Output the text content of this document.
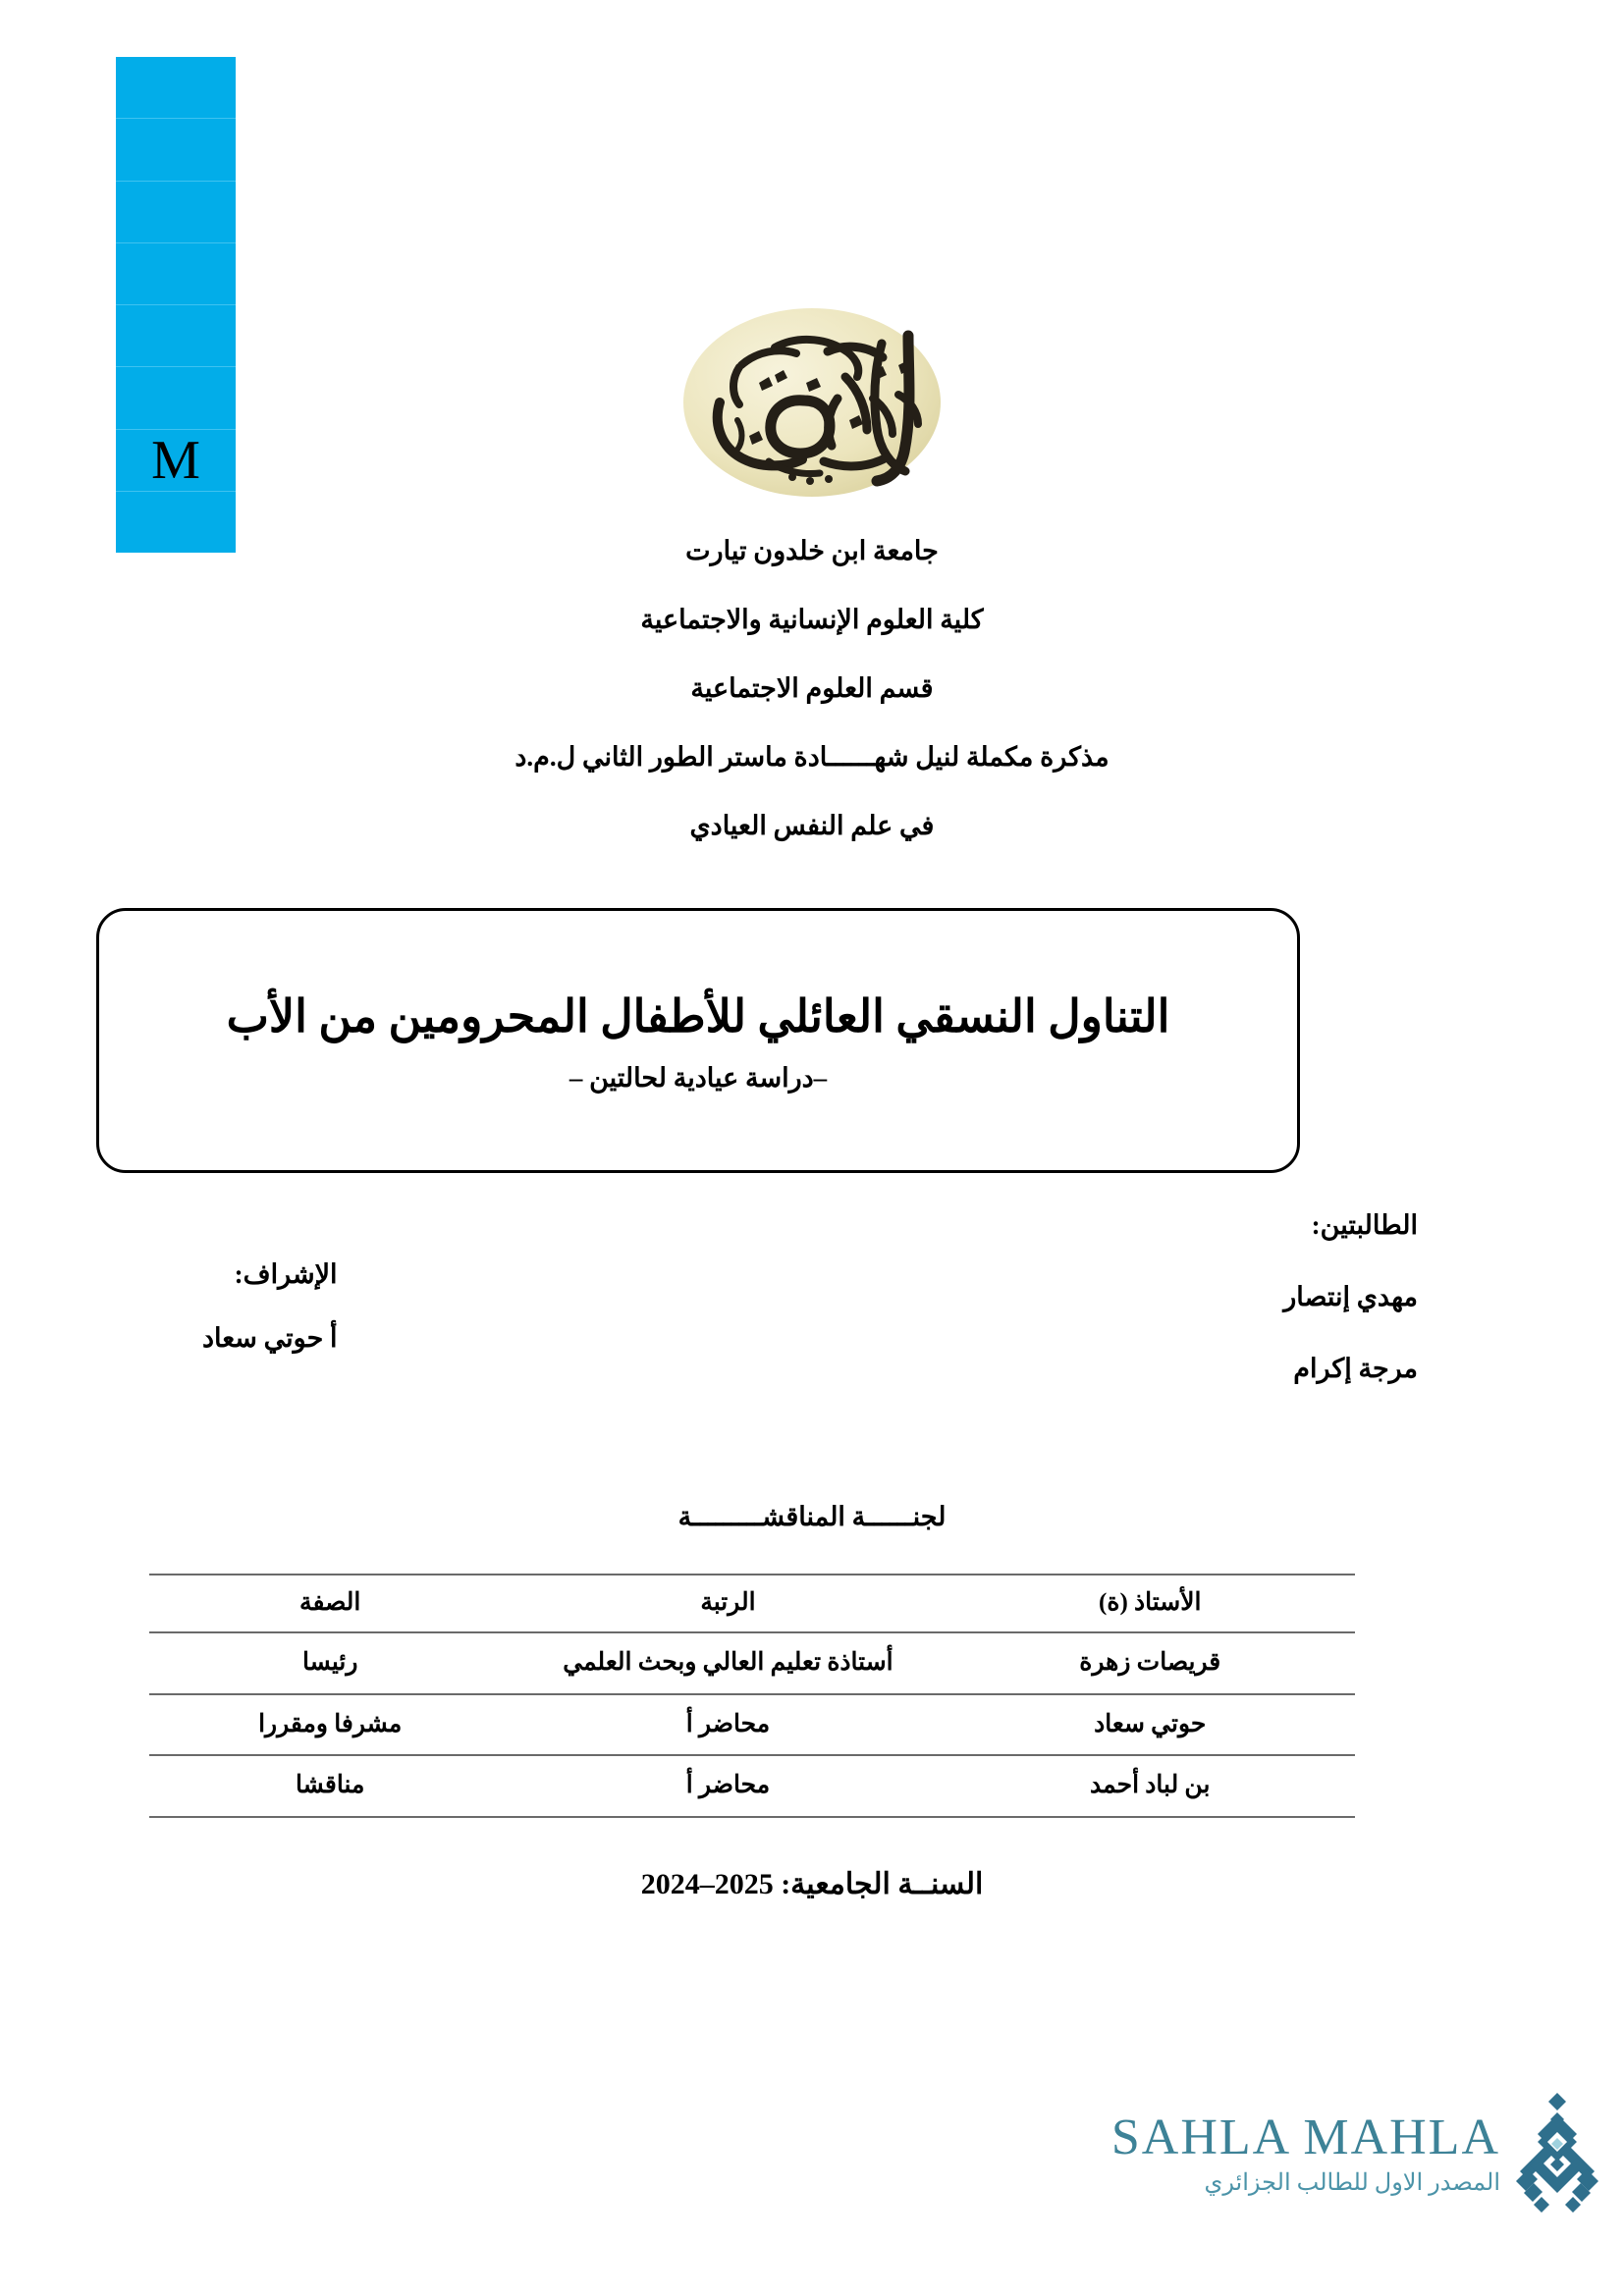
M

جامعة ابن خلدون تيارت

كلية العلوم الإنسانية والاجتماعية

قسم العلوم الاجتماعية

مذكرة مكملة لنيل شهــــــادة ماستر الطور الثاني ل.م.د

في علم النفس العيادي

التناول النسقي العائلي للأطفال المحرومين من الأب

–دراسة عيادية لحالتين –

الطالبتين:

مهدي إنتصار

مرجة إكرام

الإشراف:

أ حوتي سعاد

لجنــــــة المناقشـــــــــة
الأستاذ (ة)	الرتبة	الصفة
قريصات زهرة	أستاذة تعليم العالي وبحث العلمي	رئيسا
حوتي سعاد	محاضر أ	مشرفا ومقررا
بن لباد أحمد	محاضر أ	مناقشا
السنــة الجامعية: 2024–2025

SAHLA MAHLA

المصدر الاول للطالب الجزائري
